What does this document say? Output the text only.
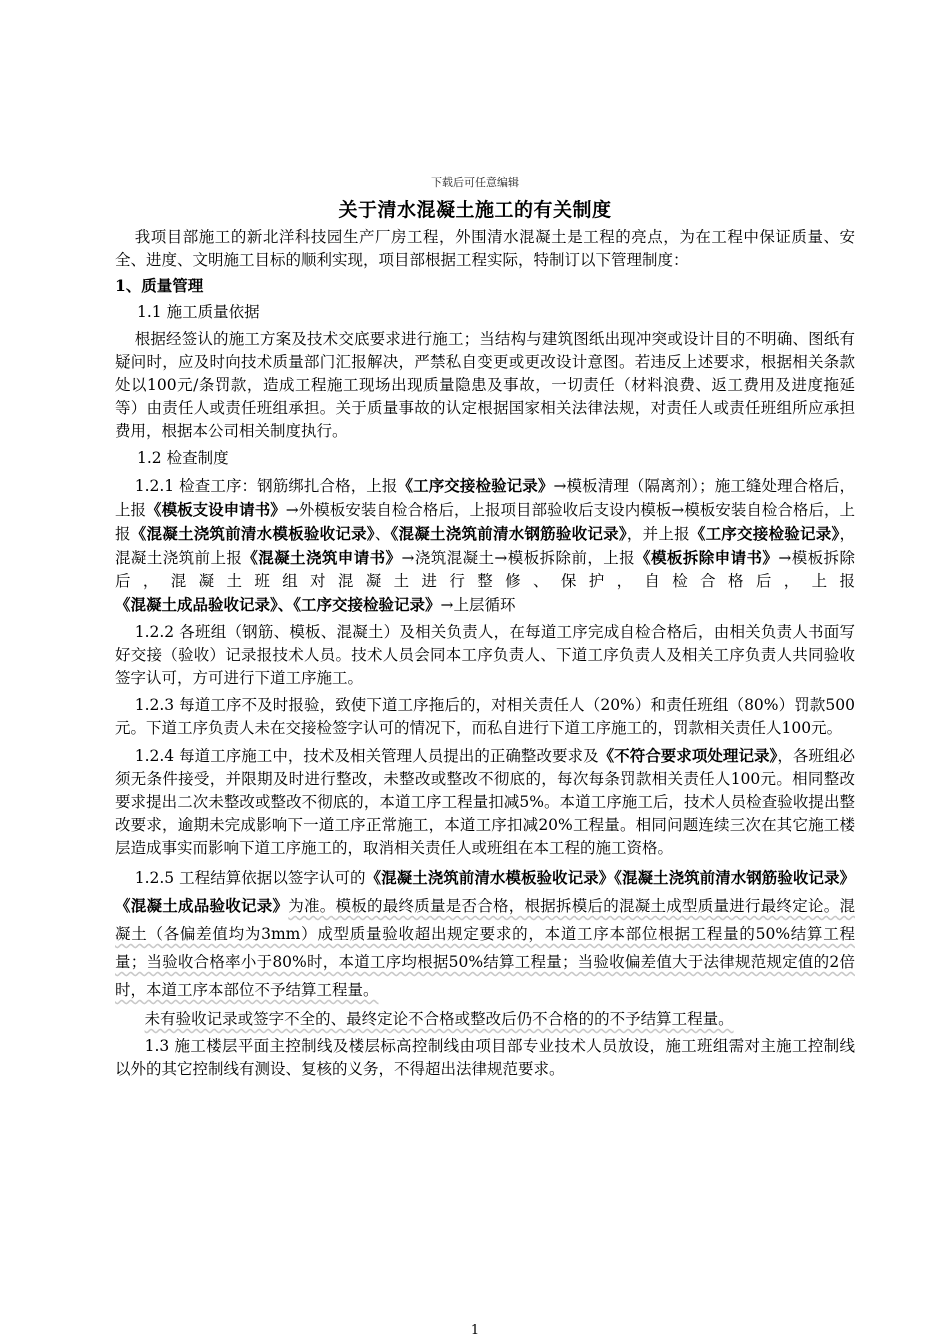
下载后可任意编辑
关于清水混凝土施工的有关制度

我项目部施工的新北洋科技园生产厂房工程，外围清水混凝土是工程的亮点，为在工程中保证质量、安全、进度、文明施工目标的顺利实现，项目部根据工程实际，特制订以下管理制度：

1、质量管理

1.1 施工质量依据

根据经签认的施工方案及技术交底要求进行施工；当结构与建筑图纸出现冲突或设计目的不明确、图纸有疑问时，应及时向技术质量部门汇报解决，严禁私自变更或更改设计意图。若违反上述要求，根据相关条款处以100元/条罚款，造成工程施工现场出现质量隐患及事故，一切责任（材料浪费、返工费用及进度拖延等）由责任人或责任班组承担。关于质量事故的认定根据国家相关法律法规，对责任人或责任班组所应承担费用，根据本公司相关制度执行。

1.2 检查制度

1.2.1 检查工序：钢筋绑扎合格，上报《工序交接检验记录》→模板清理（隔离剂）；施工缝处理合格后，上报《模板支设申请书》→外模板安装自检合格后，上报项目部验收后支设内模板→模板安装自检合格后，上报《混凝土浇筑前清水模板验收记录》、《混凝土浇筑前清水钢筋验收记录》，并上报《工序交接检验记录》，混凝土浇筑前上报《混凝土浇筑申请书》→浇筑混凝土→模板拆除前，上报《模板拆除申请书》→模板拆除后，混凝土班组对混凝土进行整修、保护，自检合格后，上报《混凝土成品验收记录》、《工序交接检验记录》→上层循环

1.2.2 各班组（钢筋、模板、混凝土）及相关负责人，在每道工序完成自检合格后，由相关负责人书面写好交接（验收）记录报技术人员。技术人员会同本工序负责人、下道工序负责人及相关工序负责人共同验收签字认可，方可进行下道工序施工。

1.2.3 每道工序不及时报验，致使下道工序拖后的，对相关责任人（20%）和责任班组（80%）罚款500元。下道工序负责人未在交接检签字认可的情况下，而私自进行下道工序施工的，罚款相关责任人100元。

1.2.4 每道工序施工中，技术及相关管理人员提出的正确整改要求及《不符合要求项处理记录》，各班组必须无条件接受，并限期及时进行整改，未整改或整改不彻底的，每次每条罚款相关责任人100元。相同整改要求提出二次未整改或整改不彻底的，本道工序工程量扣减5%。本道工序施工后，技术人员检查验收提出整改要求，逾期未完成影响下一道工序正常施工，本道工序扣减20%工程量。相同问题连续三次在其它施工楼层造成事实而影响下道工序施工的，取消相关责任人或班组在本工程的施工资格。

1.2.5 工程结算依据以签字认可的《混凝土浇筑前清水模板验收记录》《混凝土浇筑前清水钢筋验收记录》《混凝土成品验收记录》为准。模板的最终质量是否合格，根据拆模后的混凝土成型质量进行最终定论。混凝土（各偏差值均为3mm）成型质量验收超出规定要求的，本道工序本部位根据工程量的50%结算工程量；当验收合格率小于80%时，本道工序均根据50%结算工程量；当验收偏差值大于法律规范规定值的2倍时，本道工序本部位不予结算工程量。

未有验收记录或签字不全的、最终定论不合格或整改后仍不合格的的不予结算工程量。

1.3 施工楼层平面主控制线及楼层标高控制线由项目部专业技术人员放设，施工班组需对主施工控制线以外的其它控制线有测设、复核的义务，不得超出法律规范要求。

1
